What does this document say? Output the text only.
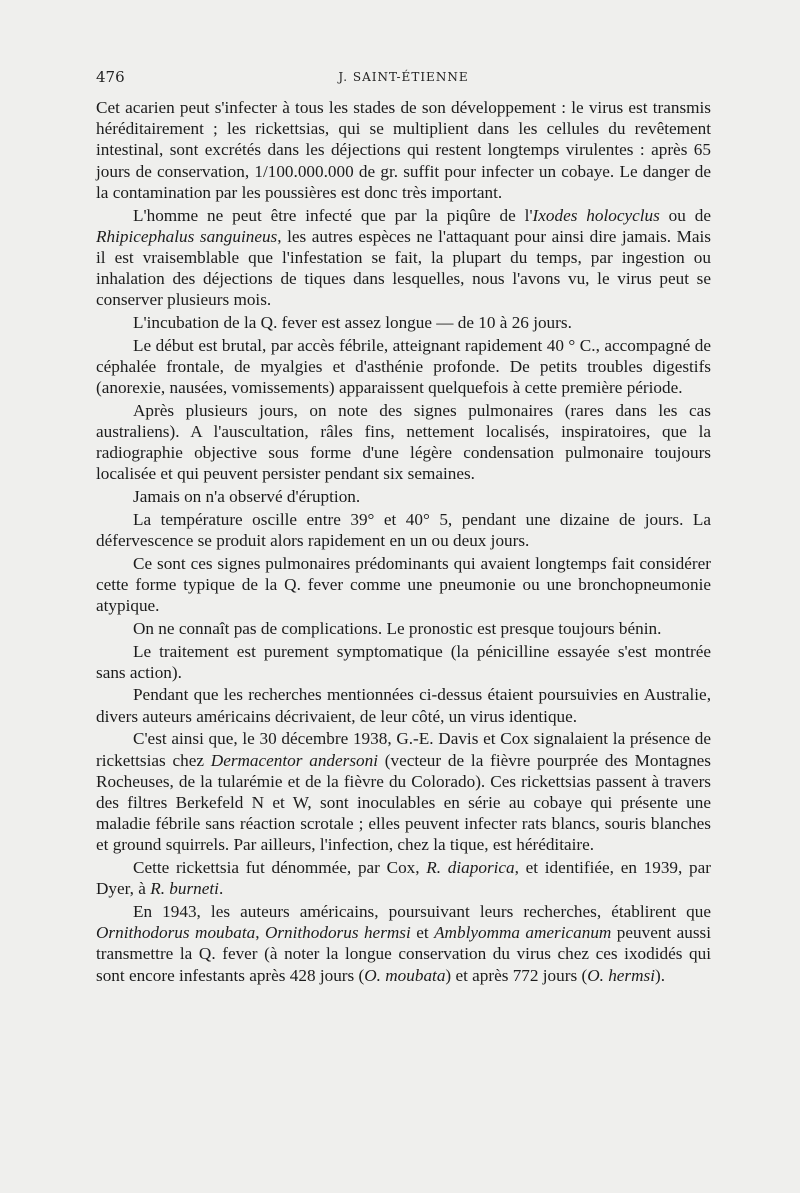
476	J. SAINT-ÉTIENNE

Cet acarien peut s'infecter à tous les stades de son développement : le virus est transmis héréditairement ; les rickettsias, qui se multiplient dans les cellules du revêtement intestinal, sont excrétés dans les déjections qui restent longtemps virulentes : après 65 jours de conservation, 1/100.000.000 de gr. suffit pour infecter un cobaye. Le danger de la contamination par les poussières est donc très important.

L'homme ne peut être infecté que par la piqûre de l'Ixodes holocyclus ou de Rhipicephalus sanguineus, les autres espèces ne l'attaquant pour ainsi dire jamais. Mais il est vraisemblable que l'infestation se fait, la plupart du temps, par ingestion ou inhalation des déjections de tiques dans lesquelles, nous l'avons vu, le virus peut se conserver plusieurs mois.

L'incubation de la Q. fever est assez longue — de 10 à 26 jours.

Le début est brutal, par accès fébrile, atteignant rapidement 40 ° C., accompagné de céphalée frontale, de myalgies et d'asthénie profonde. De petits troubles digestifs (anorexie, nausées, vomissements) apparaissent quelquefois à cette première période.

Après plusieurs jours, on note des signes pulmonaires (rares dans les cas australiens). A l'auscultation, râles fins, nettement localisés, inspiratoires, que la radiographie objective sous forme d'une légère condensation pulmonaire toujours localisée et qui peuvent persister pendant six semaines.

Jamais on n'a observé d'éruption.

La température oscille entre 39° et 40° 5, pendant une dizaine de jours. La défervescence se produit alors rapidement en un ou deux jours.

Ce sont ces signes pulmonaires prédominants qui avaient longtemps fait considérer cette forme typique de la Q. fever comme une pneumonie ou une bronchopneumonie atypique.

On ne connaît pas de complications. Le pronostic est presque toujours bénin.

Le traitement est purement symptomatique (la pénicilline essayée s'est montrée sans action).

Pendant que les recherches mentionnées ci-dessus étaient poursuivies en Australie, divers auteurs américains décrivaient, de leur côté, un virus identique.

C'est ainsi que, le 30 décembre 1938, G.-E. Davis et Cox signalaient la présence de rickettsias chez Dermacentor andersoni (vecteur de la fièvre pourprée des Montagnes Rocheuses, de la tularémie et de la fièvre du Colorado). Ces rickettsias passent à travers des filtres Berkefeld N et W, sont inoculables en série au cobaye qui présente une maladie fébrile sans réaction scrotale ; elles peuvent infecter rats blancs, souris blanches et ground squirrels. Par ailleurs, l'infection, chez la tique, est héréditaire.

Cette rickettsia fut dénommée, par Cox, R. diaporica, et identifiée, en 1939, par Dyer, à R. burneti.

En 1943, les auteurs américains, poursuivant leurs recherches, établirent que Ornithodorus moubata, Ornithodorus hermsi et Amblyomma americanum peuvent aussi transmettre la Q. fever (à noter la longue conservation du virus chez ces ixodidés qui sont encore infestants après 428 jours (O. moubata) et après 772 jours (O. hermsi).
